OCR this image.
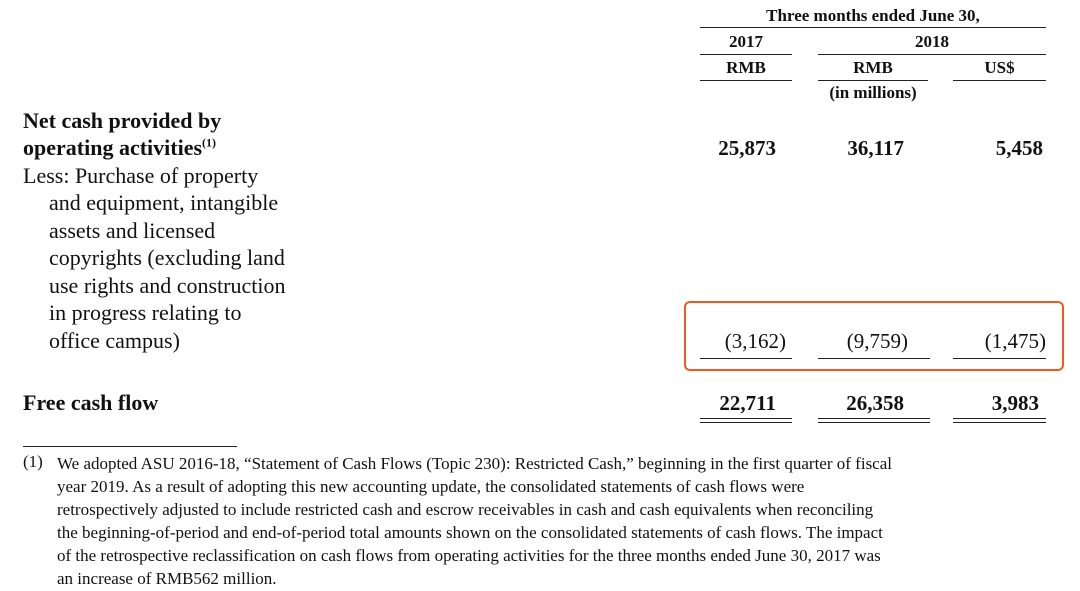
Three months ended June 30,
2017	2018
RMB	RMB	US$
(in millions)
Net cash provided by
operating activities$^{(1)}$	25,873	36,117	5,458
Less: Purchase of property
and equipment, intangible
assets and licensed
copyrights (excluding land
use rights and construction
in progress relating to
office campus)	(3,162)	(9,759)	(1,475)
Free cash flow	22,711	26,358	3,983
(1) We adopted ASU 2016-18, “Statement of Cash Flows (Topic 230): Restricted Cash,” beginning in the first quarter of fiscal
year 2019. As a result of adopting this new accounting update, the consolidated statements of cash flows were
retrospectively adjusted to include restricted cash and escrow receivables in cash and cash equivalents when reconciling
the beginning-of-period and end-of-period total amounts shown on the consolidated statements of cash flows. The impact
of the retrospective reclassification on cash flows from operating activities for the three months ended June 30, 2017 was
an increase of RMB562 million.
